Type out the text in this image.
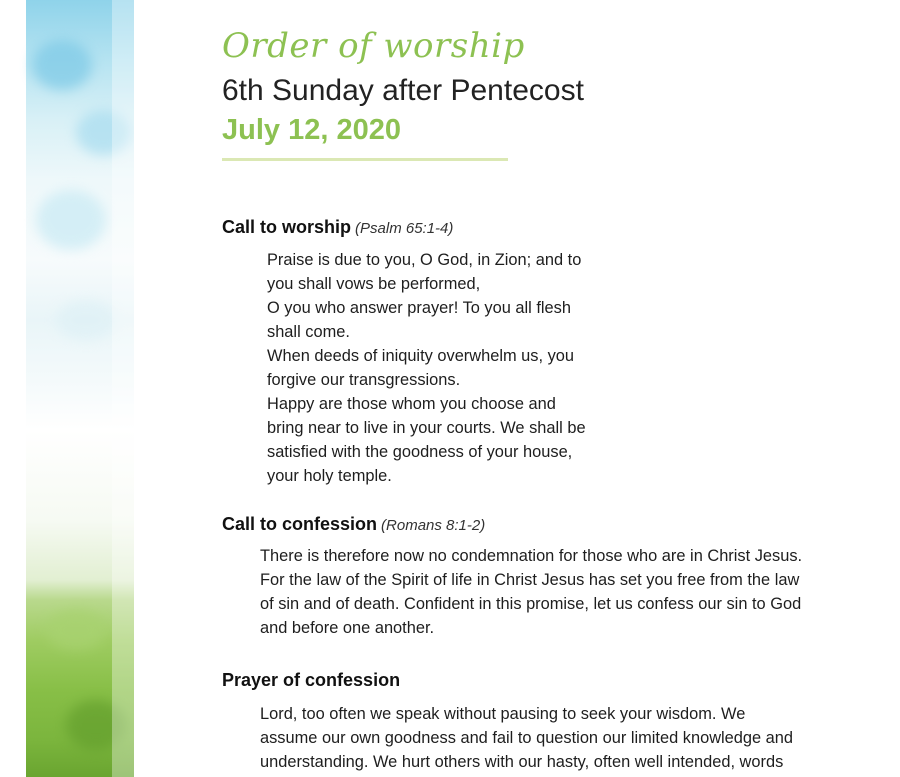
Order of worship
6th Sunday after Pentecost
July 12, 2020
Call to worship (Psalm 65:1-4)
Praise is due to you, O God, in Zion; and to
you shall vows be performed,
O you who answer prayer! To you all flesh
shall come.
When deeds of iniquity overwhelm us, you
forgive our transgressions.
Happy are those whom you choose and
bring near to live in your courts. We shall be
satisfied with the goodness of your house,
your holy temple.
Call to confession (Romans 8:1-2)
There is therefore now no condemnation for those who are in Christ Jesus.
For the law of the Spirit of life in Christ Jesus has set you free from the law
of sin and of death. Confident in this promise, let us confess our sin to God
and before one another.
Prayer of confession
Lord, too often we speak without pausing to seek your wisdom. We
assume our own goodness and fail to question our limited knowledge and
understanding. We hurt others with our hasty, often well intended, words
